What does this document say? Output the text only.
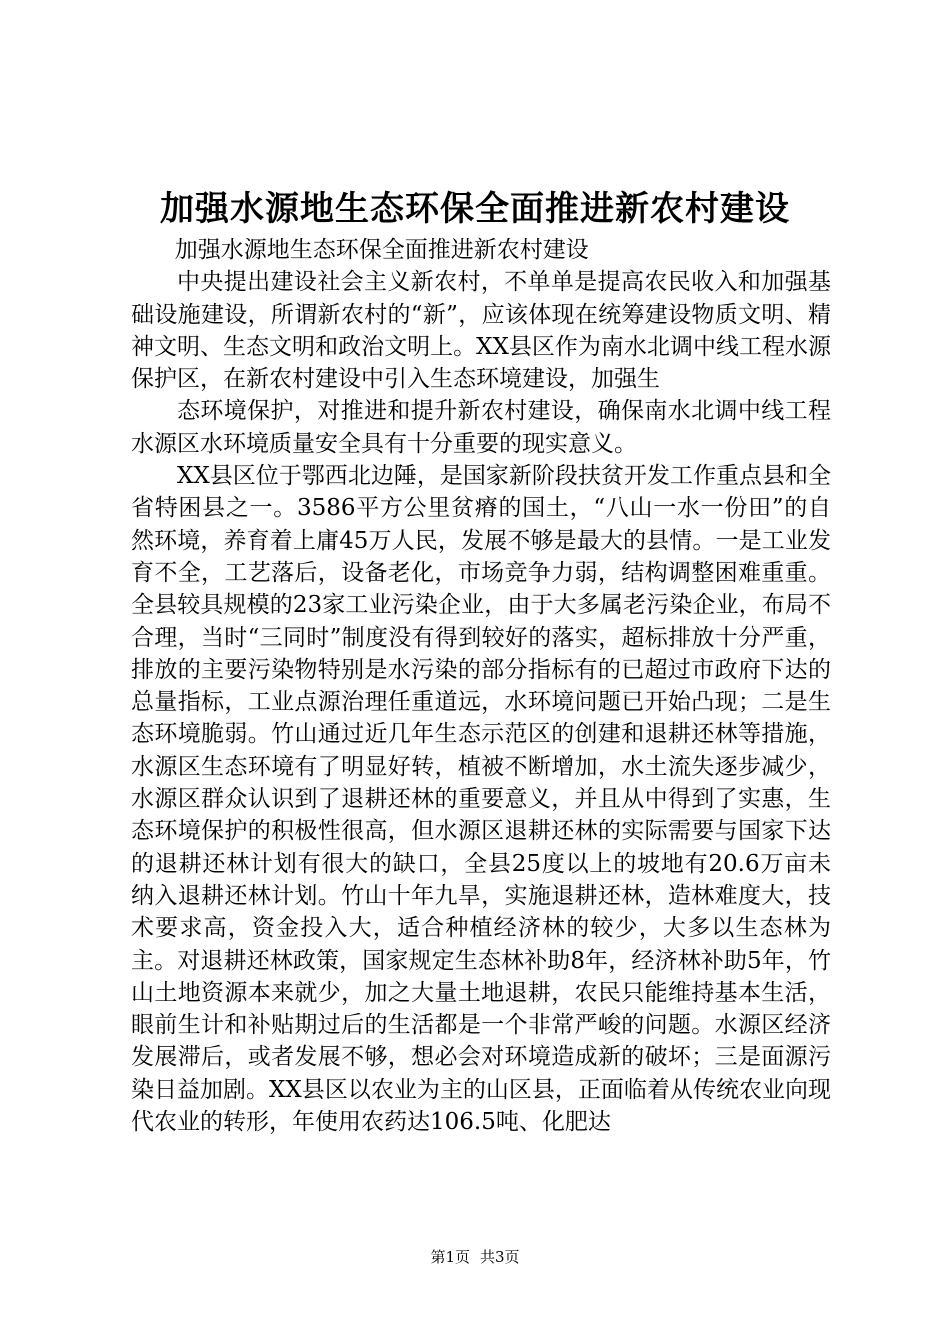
加强水源地生态环保全面推进新农村建设

加强水源地生态环保全面推进新农村建设

中央提出建设社会主义新农村，不单单是提高农民收入和加强基础设施建设，所谓新农村的“新”，应该体现在统筹建设物质文明、精神文明、生态文明和政治文明上。XX县区作为南水北调中线工程水源保护区，在新农村建设中引入生态环境建设，加强生

态环境保护，对推进和提升新农村建设，确保南水北调中线工程水源区水环境质量安全具有十分重要的现实意义。

XX县区位于鄂西北边陲，是国家新阶段扶贫开发工作重点县和全省特困县之一。3586平方公里贫瘠的国土，“八山一水一份田”的自然环境，养育着上庸45万人民，发展不够是最大的县情。一是工业发育不全，工艺落后，设备老化，市场竞争力弱，结构调整困难重重。全县较具规模的23家工业污染企业，由于大多属老污染企业，布局不合理，当时“三同时”制度没有得到较好的落实，超标排放十分严重，排放的主要污染物特别是水污染的部分指标有的已超过市政府下达的总量指标，工业点源治理任重道远，水环境问题已开始凸现；二是生态环境脆弱。竹山通过近几年生态示范区的创建和退耕还林等措施，水源区生态环境有了明显好转，植被不断增加，水土流失逐步减少，水源区群众认识到了退耕还林的重要意义，并且从中得到了实惠，生态环境保护的积极性很高，但水源区退耕还林的实际需要与国家下达的退耕还林计划有很大的缺口，全县25度以上的坡地有20.6万亩未纳入退耕还林计划。竹山十年九旱，实施退耕还林，造林难度大，技术要求高，资金投入大，适合种植经济林的较少，大多以生态林为主。对退耕还林政策，国家规定生态林补助8年，经济林补助5年，竹山土地资源本来就少，加之大量土地退耕，农民只能维持基本生活，眼前生计和补贴期过后的生活都是一个非常严峻的问题。水源区经济发展滞后，或者发展不够，想必会对环境造成新的破坏；三是面源污染日益加剧。XX县区以农业为主的山区县，正面临着从传统农业向现代农业的转形，年使用农药达106.5吨、化肥达

第1页 共3页
